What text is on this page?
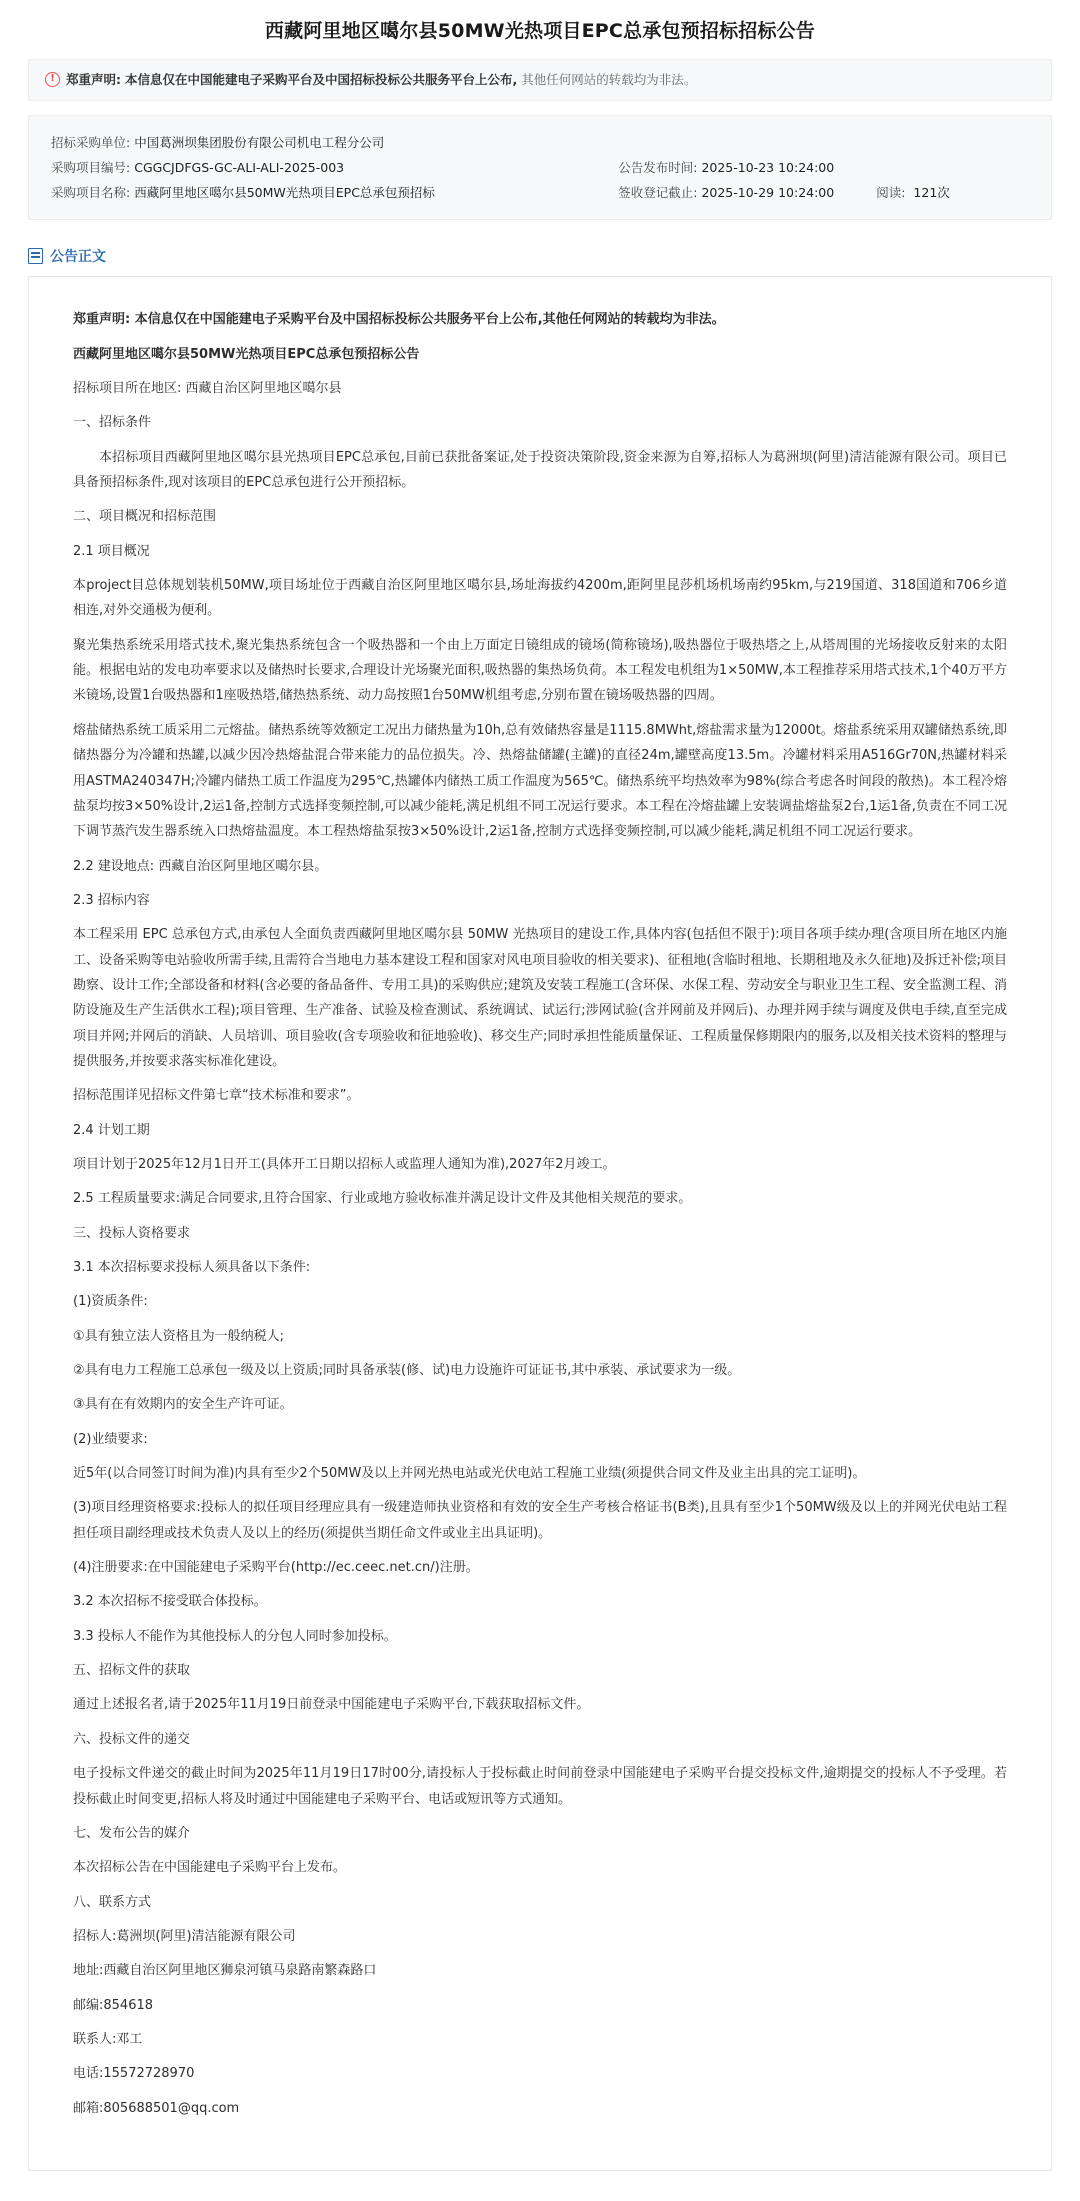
西藏阿里地区噶尔县50MW光热项目EPC总承包预招标招标公告
! 郑重声明: 本信息仅在中国能建电子采购平台及中国招标投标公共服务平台上公布, 其他任何网站的转载均为非法。
招标采购单位: 中国葛洲坝集团股份有限公司机电工程分公司
采购项目编号: CGGCJDFGS-GC-ALI-ALI-2025-003	公告发布时间: 2025-10-23 10:24:00
采购项目名称: 西藏阿里地区噶尔县50MW光热项目EPC总承包预招标	签收登记截止: 2025-10-29 10:24:00	阅读: 121次
公告正文

郑重声明: 本信息仅在中国能建电子采购平台及中国招标投标公共服务平台上公布,其他任何网站的转载均为非法。

西藏阿里地区噶尔县50MW光热项目EPC总承包预招标公告

招标项目所在地区: 西藏自治区阿里地区噶尔县

一、招标条件

本招标项目西藏阿里地区噶尔县光热项目EPC总承包,目前已获批备案证,处于投资决策阶段,资金来源为自筹,招标人为葛洲坝(阿里)清洁能源有限公司。项目已具备预招标条件,现对该项目的EPC总承包进行公开预招标。

二、项目概况和招标范围

2.1 项目概况

本project目总体规划装机50MW,项目场址位于西藏自治区阿里地区噶尔县,场址海拔约4200m,距阿里昆莎机场机场南约95km,与219国道、318国道和706乡道相连,对外交通极为便利。

聚光集热系统采用塔式技术,聚光集热系统包含一个吸热器和一个由上万面定日镜组成的镜场(简称镜场),吸热器位于吸热塔之上,从塔周围的光场接收反射来的太阳能。根据电站的发电功率要求以及储热时长要求,合理设计光场聚光面积,吸热器的集热场负荷。本工程发电机组为1×50MW,本工程推荐采用塔式技术,1个40万平方米镜场,设置1台吸热器和1座吸热塔,储热热系统、动力岛按照1台50MW机组考虑,分别布置在镜场吸热器的四周。

熔盐储热系统工质采用二元熔盐。储热系统等效额定工况出力储热量为10h,总有效储热容量是1115.8MWht,熔盐需求量为12000t。熔盐系统采用双罐储热系统,即储热器分为冷罐和热罐,以减少因冷热熔盐混合带来能力的品位损失。冷、热熔盐储罐(主罐)的直径24m,罐壁高度13.5m。冷罐材料采用A516Gr70N,热罐材料采用ASTMA240347H;冷罐内储热工质工作温度为295℃,热罐体内储热工质工作温度为565℃。储热系统平均热效率为98%(综合考虑各时间段的散热)。本工程冷熔盐泵均按3×50%设计,2运1备,控制方式选择变频控制,可以减少能耗,满足机组不同工况运行要求。本工程在冷熔盐罐上安装调盐熔盐泵2台,1运1备,负责在不同工况下调节蒸汽发生器系统入口热熔盐温度。本工程热熔盐泵按3×50%设计,2运1备,控制方式选择变频控制,可以减少能耗,满足机组不同工况运行要求。

2.2 建设地点: 西藏自治区阿里地区噶尔县。

2.3 招标内容

本工程采用 EPC 总承包方式,由承包人全面负责西藏阿里地区噶尔县 50MW 光热项目的建设工作,具体内容(包括但不限于):项目各项手续办理(含项目所在地区内施工、设备采购等电站验收所需手续,且需符合当地电力基本建设工程和国家对风电项目验收的相关要求)、征租地(含临时租地、长期租地及永久征地)及拆迁补偿;项目勘察、设计工作;全部设备和材料(含必要的备品备件、专用工具)的采购供应;建筑及安装工程施工(含环保、水保工程、劳动安全与职业卫生工程、安全监测工程、消防设施及生产生活供水工程);项目管理、生产准备、试验及检查测试、系统调试、试运行;涉网试验(含并网前及并网后)、办理并网手续与调度及供电手续,直至完成项目并网;并网后的消缺、人员培训、项目验收(含专项验收和征地验收)、移交生产;同时承担性能质量保证、工程质量保修期限内的服务,以及相关技术资料的整理与提供服务,并按要求落实标准化建设。

招标范围详见招标文件第七章“技术标准和要求”。

2.4 计划工期

项目计划于2025年12月1日开工(具体开工日期以招标人或监理人通知为准),2027年2月竣工。

2.5 工程质量要求:满足合同要求,且符合国家、行业或地方验收标准并满足设计文件及其他相关规范的要求。

三、投标人资格要求

3.1 本次招标要求投标人须具备以下条件:

(1)资质条件:

①具有独立法人资格且为一般纳税人;

②具有电力工程施工总承包一级及以上资质;同时具备承装(修、试)电力设施许可证证书,其中承装、承试要求为一级。

③具有在有效期内的安全生产许可证。

(2)业绩要求:

近5年(以合同签订时间为准)内具有至少2个50MW及以上并网光热电站或光伏电站工程施工业绩(须提供合同文件及业主出具的完工证明)。

(3)项目经理资格要求:投标人的拟任项目经理应具有一级建造师执业资格和有效的安全生产考核合格证书(B类),且具有至少1个50MW级及以上的并网光伏电站工程担任项目副经理或技术负责人及以上的经历(须提供当期任命文件或业主出具证明)。

(4)注册要求:在中国能建电子采购平台(http://ec.ceec.net.cn/)注册。

3.2 本次招标不接受联合体投标。

3.3 投标人不能作为其他投标人的分包人同时参加投标。

五、招标文件的获取

通过上述报名者,请于2025年11月19日前登录中国能建电子采购平台,下载获取招标文件。

六、投标文件的递交

电子投标文件递交的截止时间为2025年11月19日17时00分,请投标人于投标截止时间前登录中国能建电子采购平台提交投标文件,逾期提交的投标人不予受理。若投标截止时间变更,招标人将及时通过中国能建电子采购平台、电话或短讯等方式通知。

七、发布公告的媒介

本次招标公告在中国能建电子采购平台上发布。

八、联系方式

招标人:葛洲坝(阿里)清洁能源有限公司

地址:西藏自治区阿里地区狮泉河镇马泉路南繁森路口

邮编:854618

联系人:邓工

电话:15572728970

邮箱:805688501@qq.com
